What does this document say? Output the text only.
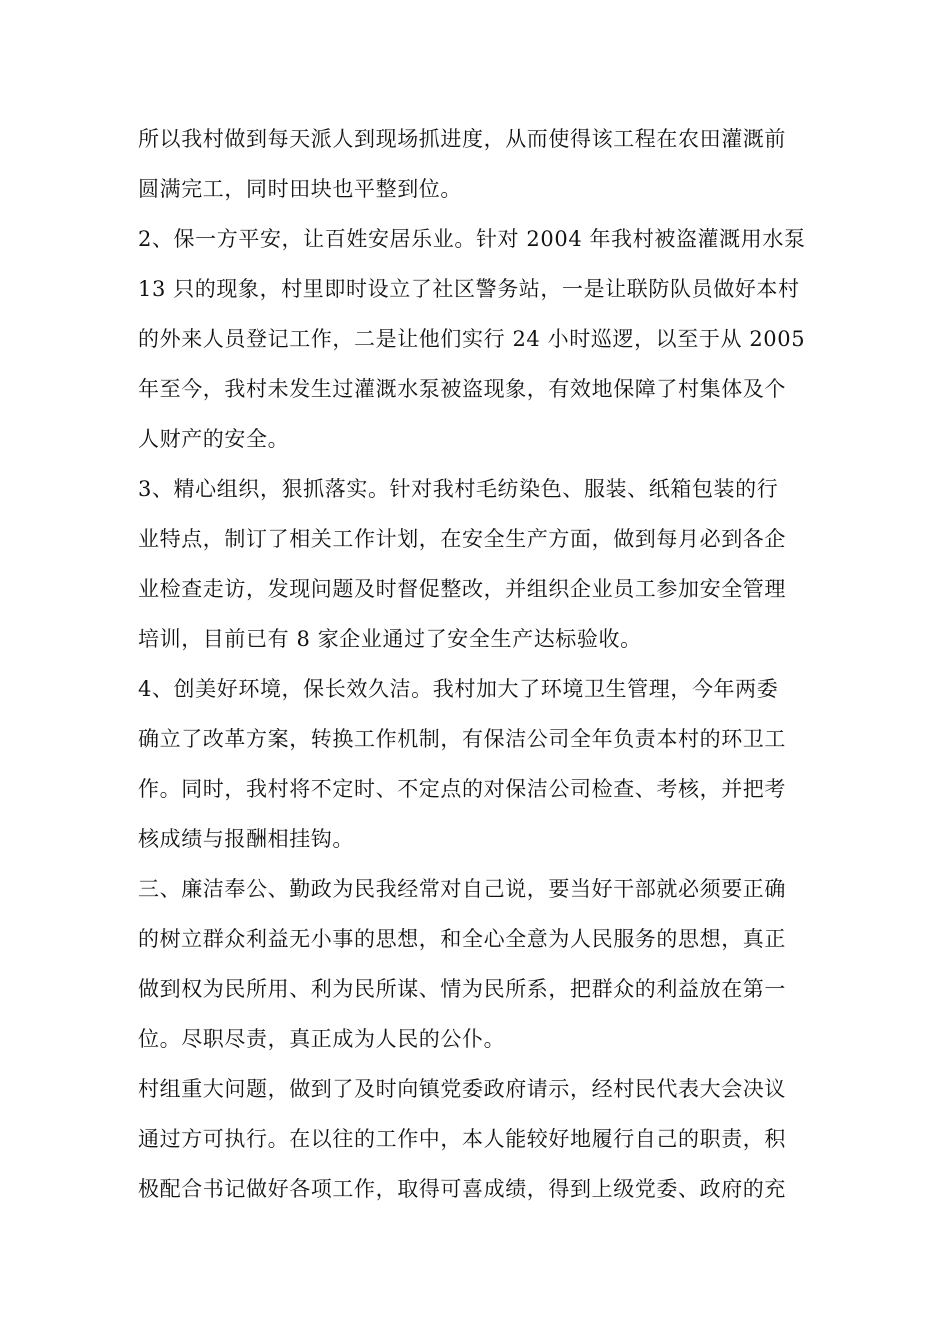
所以我村做到每天派人到现场抓进度，从而使得该工程在农田灌溉前
圆满完工，同时田块也平整到位。
2、保一方平安，让百姓安居乐业。针对 2004 年我村被盗灌溉用水泵
13 只的现象，村里即时设立了社区警务站，一是让联防队员做好本村
的外来人员登记工作，二是让他们实行 24 小时巡逻，以至于从 2005
年至今，我村未发生过灌溉水泵被盗现象，有效地保障了村集体及个
人财产的安全。
3、精心组织，狠抓落实。针对我村毛纺染色、服装、纸箱包装的行
业特点，制订了相关工作计划，在安全生产方面，做到每月必到各企
业检查走访，发现问题及时督促整改，并组织企业员工参加安全管理
培训，目前已有 8 家企业通过了安全生产达标验收。
4、创美好环境，保长效久洁。我村加大了环境卫生管理，今年两委
确立了改革方案，转换工作机制，有保洁公司全年负责本村的环卫工
作。同时，我村将不定时、不定点的对保洁公司检查、考核，并把考
核成绩与报酬相挂钩。
三、廉洁奉公、勤政为民我经常对自己说，要当好干部就必须要正确
的树立群众利益无小事的思想，和全心全意为人民服务的思想，真正
做到权为民所用、利为民所谋、情为民所系，把群众的利益放在第一
位。尽职尽责，真正成为人民的公仆。
村组重大问题，做到了及时向镇党委政府请示，经村民代表大会决议
通过方可执行。在以往的工作中，本人能较好地履行自己的职责，积
极配合书记做好各项工作，取得可喜成绩，得到上级党委、政府的充
